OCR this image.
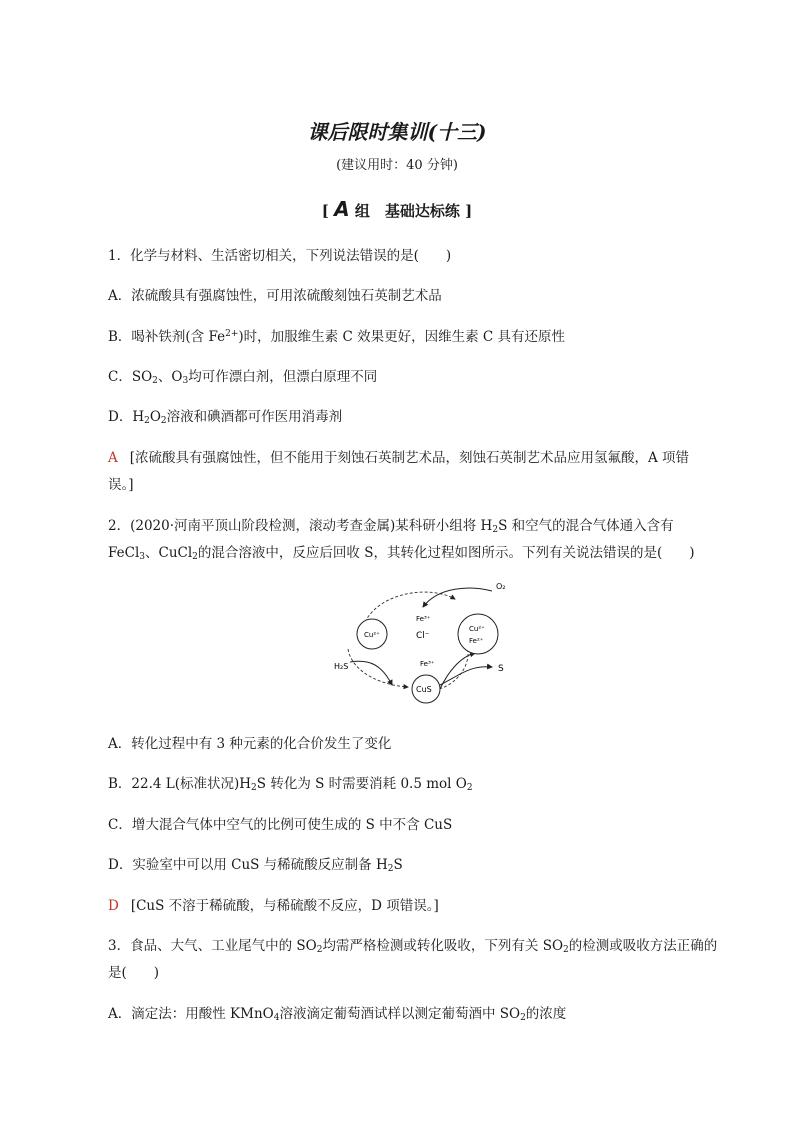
课后限时集训(十三)
(建议用时：40 分钟)
[ A 组　基础达标练 ]
1．化学与材料、生活密切相关，下列说法错误的是(　　)
A．浓硫酸具有强腐蚀性，可用浓硫酸刻蚀石英制艺术品
B．喝补铁剂(含 $Fe^{2+}$)时，加服维生素 C 效果更好，因维生素 C 具有还原性
C．$SO_2$、$O_3$均可作漂白剂，但漂白原理不同
D．$H_2O_2$溶液和碘酒都可作医用消毒剂
A [浓硫酸具有强腐蚀性，但不能用于刻蚀石英制艺术品，刻蚀石英制艺术品应用氢氟酸，A 项错
误。]
2．(2020·河南平顶山阶段检测，滚动考查金属)某科研小组将 $H_2S$ 和空气的混合气体通入含有
FeCl$_3$、CuCl$_2$的混合溶液中，反应后回收 S，其转化过程如图所示。下列有关说法错误的是(　　)
O₂
Fe³⁺
Cl⁻
Cu²⁺
Cu²⁺
Fe²⁺
H₂S	Fe³⁺	S
CuS
A．转化过程中有 3 种元素的化合价发生了变化
B．22.4 L(标准状况)$H_2S$ 转化为 S 时需要消耗 0.5 mol $O_2$
C．增大混合气体中空气的比例可使生成的 S 中不含 CuS
D．实验室中可以用 CuS 与稀硫酸反应制备 $H_2S$
D [CuS 不溶于稀硫酸，与稀硫酸不反应，D 项错误。]
3．食品、大气、工业尾气中的 $SO_2$均需严格检测或转化吸收，下列有关 $SO_2$的检测或吸收方法正确的
是(　　)
A．滴定法：用酸性 KMnO$_4$溶液滴定葡萄酒试样以测定葡萄酒中 $SO_2$的浓度
